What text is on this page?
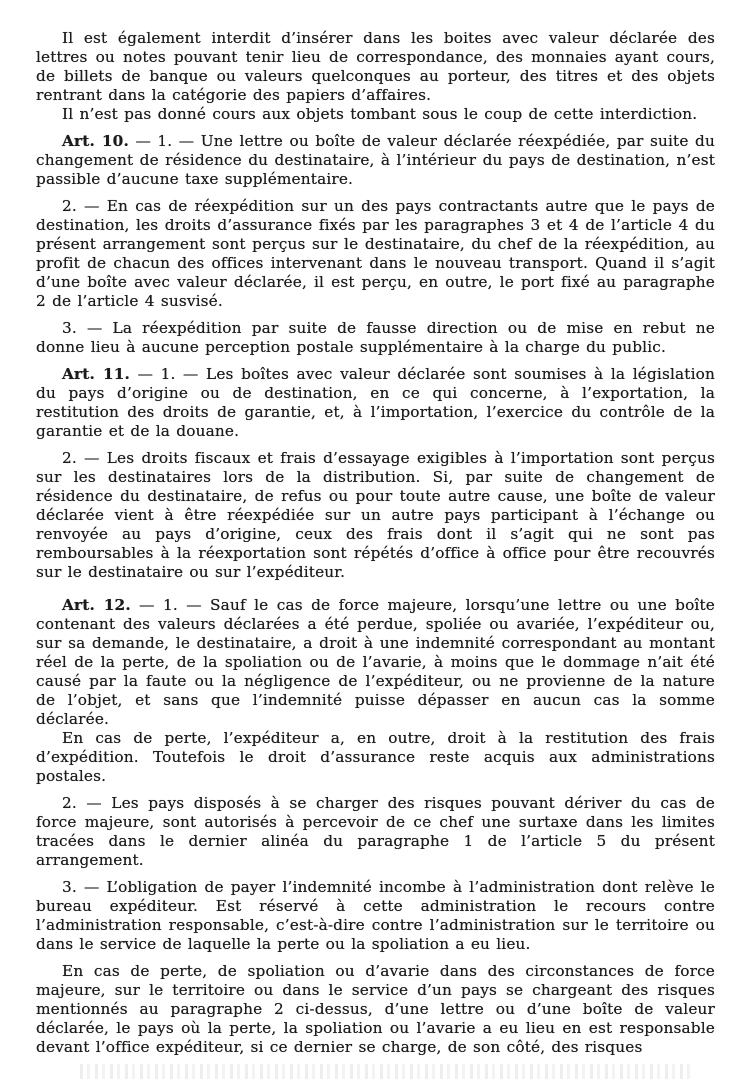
Il est également interdit d’insérer dans les boites avec valeur déclarée des lettres ou notes pouvant tenir lieu de correspondance, des monnaies ayant cours, de billets de banque ou valeurs quelconques au porteur, des titres et des objets rentrant dans la catégorie des papiers d’affaires.

Il n’est pas donné cours aux objets tombant sous le coup de cette interdiction.

Art. 10. — 1. — Une lettre ou boîte de valeur déclarée réexpédiée, par suite du changement de résidence du destinataire, à l’intérieur du pays de destination, n’est passible d’aucune taxe supplémentaire.

2. — En cas de réexpédition sur un des pays contractants autre que le pays de destination, les droits d’assurance fixés par les paragraphes 3 et 4 de l’article 4 du présent arrangement sont perçus sur le destinataire, du chef de la réexpédition, au profit de chacun des offices intervenant dans le nouveau transport. Quand il s’agit d’une boîte avec valeur déclarée, il est perçu, en outre, le port fixé au paragraphe 2 de l’article 4 susvisé.

3. — La réexpédition par suite de fausse direction ou de mise en rebut ne donne lieu à aucune perception postale supplémentaire à la charge du public.

Art. 11. — 1. — Les boîtes avec valeur déclarée sont soumises à la législation du pays d’origine ou de destination, en ce qui concerne, à l’exportation, la restitution des droits de garantie, et, à l’importation, l’exercice du contrôle de la garantie et de la douane.

2. — Les droits fiscaux et frais d’essayage exigibles à l’importation sont perçus sur les destinataires lors de la distribution. Si, par suite de changement de résidence du destinataire, de refus ou pour toute autre cause, une boîte de valeur déclarée vient à être réexpédiée sur un autre pays participant à l’échange ou renvoyée au pays d’origine, ceux des frais dont il s’agit qui ne sont pas remboursables à la réexportation sont répétés d’office à office pour être recouvrés sur le destinataire ou sur l’expéditeur.

Art. 12. — 1. — Sauf le cas de force majeure, lorsqu’une lettre ou une boîte contenant des valeurs déclarées a été perdue, spoliée ou avariée, l’expéditeur ou, sur sa demande, le destinataire, a droit à une indemnité correspondant au montant réel de la perte, de la spoliation ou de l’avarie, à moins que le dommage n’ait été causé par la faute ou la négligence de l’expéditeur, ou ne provienne de la nature de l’objet, et sans que l’indemnité puisse dépasser en aucun cas la somme déclarée.

En cas de perte, l’expéditeur a, en outre, droit à la restitution des frais d’expédition. Toutefois le droit d’assurance reste acquis aux administrations postales.

2. — Les pays disposés à se charger des risques pouvant dériver du cas de force majeure, sont autorisés à percevoir de ce chef une surtaxe dans les limites tracées dans le dernier alinéa du paragraphe 1 de l’article 5 du présent arrangement.

3. — L’obligation de payer l’indemnité incombe à l’administration dont relève le bureau expéditeur. Est réservé à cette administration le recours contre l’administration responsable, c’est-à-dire contre l’administration sur le territoire ou dans le service de laquelle la perte ou la spoliation a eu lieu.

En cas de perte, de spoliation ou d’avarie dans des circonstances de force majeure, sur le territoire ou dans le service d’un pays se chargeant des risques mentionnés au paragraphe 2 ci-dessus, d’une lettre ou d’une boîte de valeur déclarée, le pays où la perte, la spoliation ou l’avarie a eu lieu en est responsable devant l’office expéditeur, si ce dernier se charge, de son côté, des risques
